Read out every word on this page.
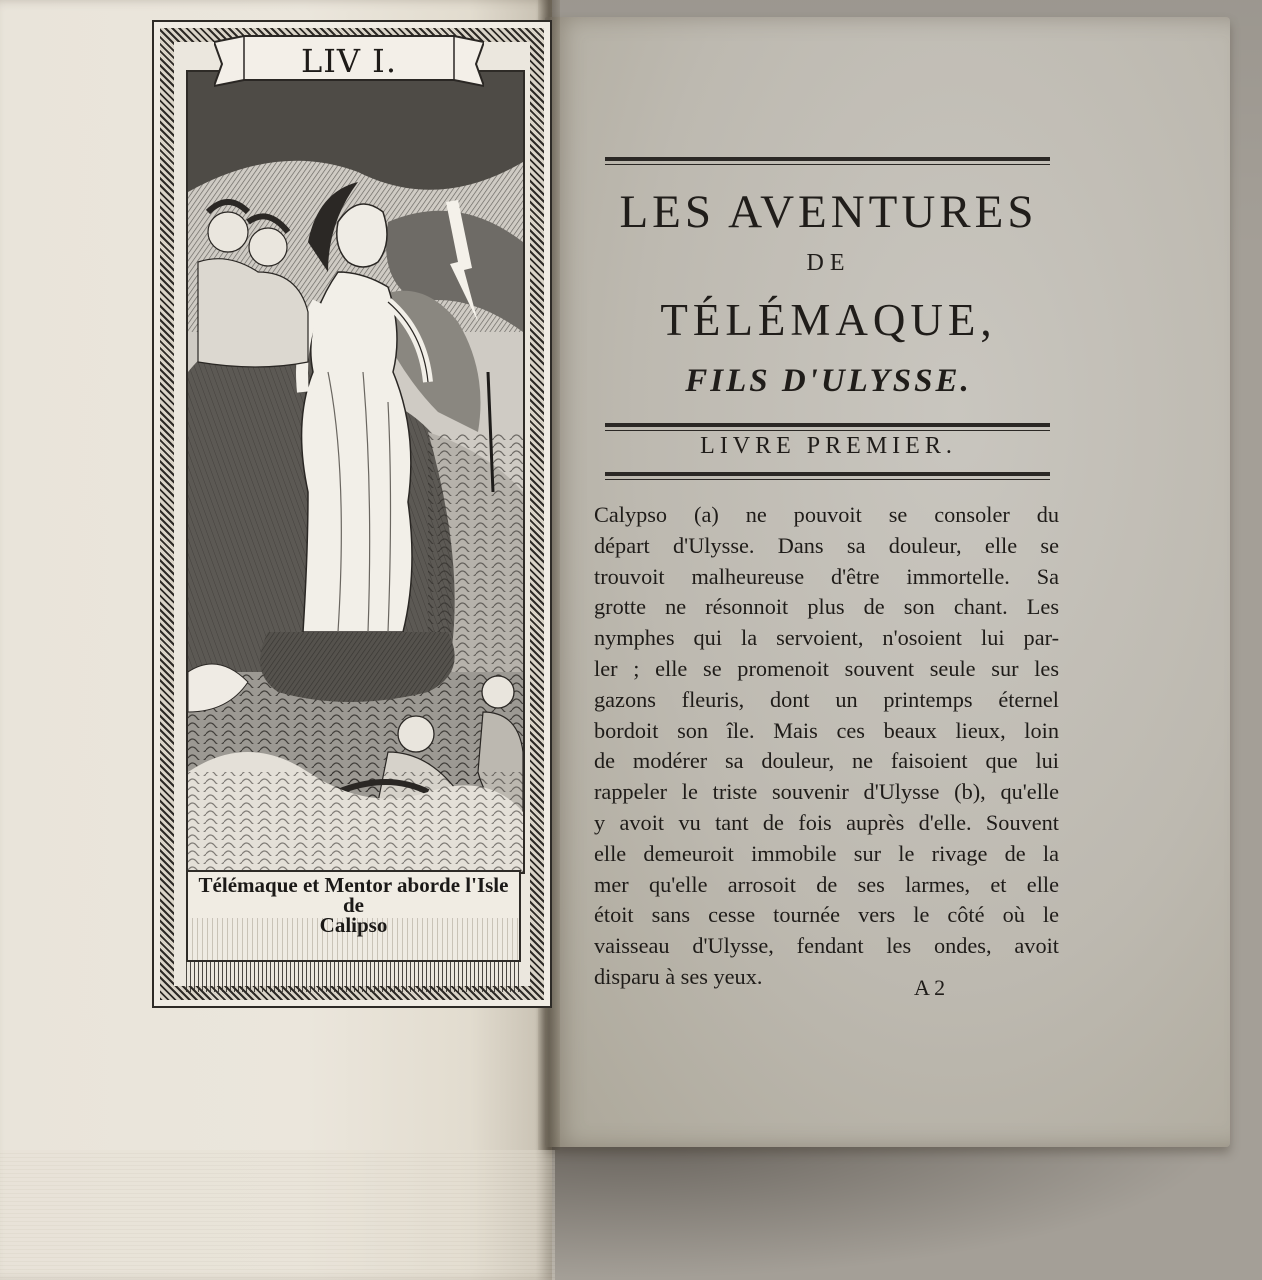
LIV I.
Télémaque et Mentor aborde l'Isle de
Calipso
LES AVENTURES
DE
TÉLÉMAQUE,
FILS D'ULYSSE.
LIVRE PREMIER.
Calypso (a) ne pouvoit se consoler du
départ d'Ulysse. Dans sa douleur, elle se
trouvoit malheureuse d'être immortelle. Sa
grotte ne résonnoit plus de son chant. Les
nymphes qui la servoient, n'osoient lui par-
ler ; elle se promenoit souvent seule sur les
gazons fleuris, dont un printemps éternel
bordoit son île. Mais ces beaux lieux, loin
de modérer sa douleur, ne faisoient que lui
rappeler le triste souvenir d'Ulysse (b), qu'elle
y avoit vu tant de fois auprès d'elle. Souvent
elle demeuroit immobile sur le rivage de la
mer qu'elle arrosoit de ses larmes, et elle
étoit sans cesse tournée vers le côté où le
vaisseau d'Ulysse, fendant les ondes, avoit
disparu à ses yeux.	A 2
